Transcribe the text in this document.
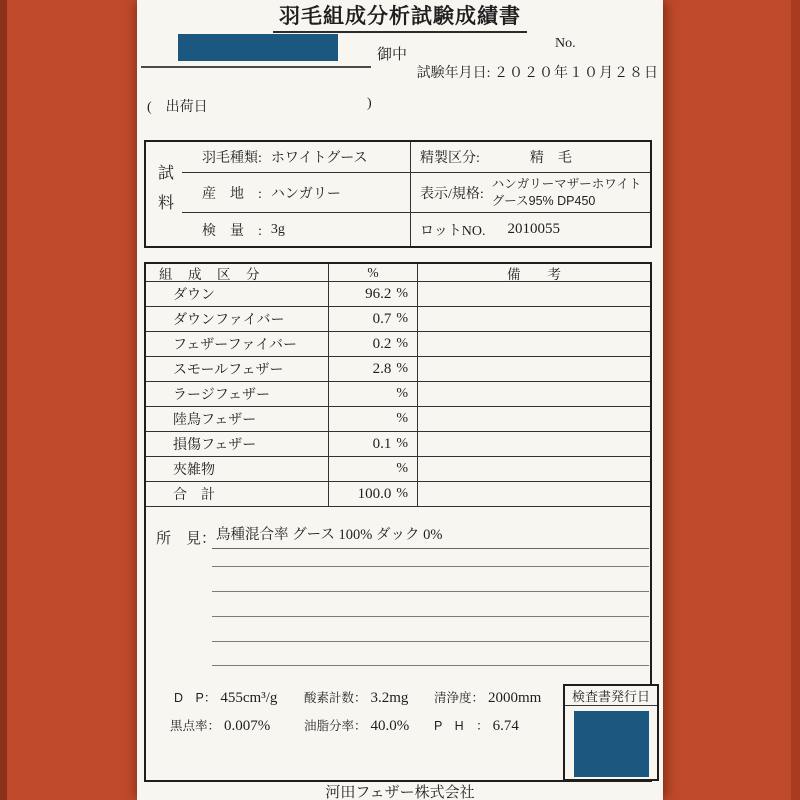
羽毛組成分析試験成績書
御中
No.
試験年月日: ２０２０年１０月２８日
( 出荷日	)
試料
羽毛種類: ホワイトグース	精製区分:	精　毛
産　地　: ハンガリー	表示/規格:
ハンガリーマザーホワイト
グース95% DP450
検　量　: 3g	ロットNO. 2010055
組　成　区　分	%	備　　考
ダウン	96.2 %
ダウンファイバー	0.7 %
フェザーファイバー	0.2 %
スモールフェザー	2.8 %
ラージフェザー	%
陸鳥フェザー	%
損傷フェザー	0.1 %
夾雑物	%
合　計	100.0 %
所　見： 鳥種混合率 グース 100% ダック 0%
D　P： 455cm³/g 酸素計数： 3.2mg 清浄度： 2000mm
黒点率： 0.007%	油脂分率： 40.0% P　H　： 6.74
検査書発行日
河田フェザー株式会社
